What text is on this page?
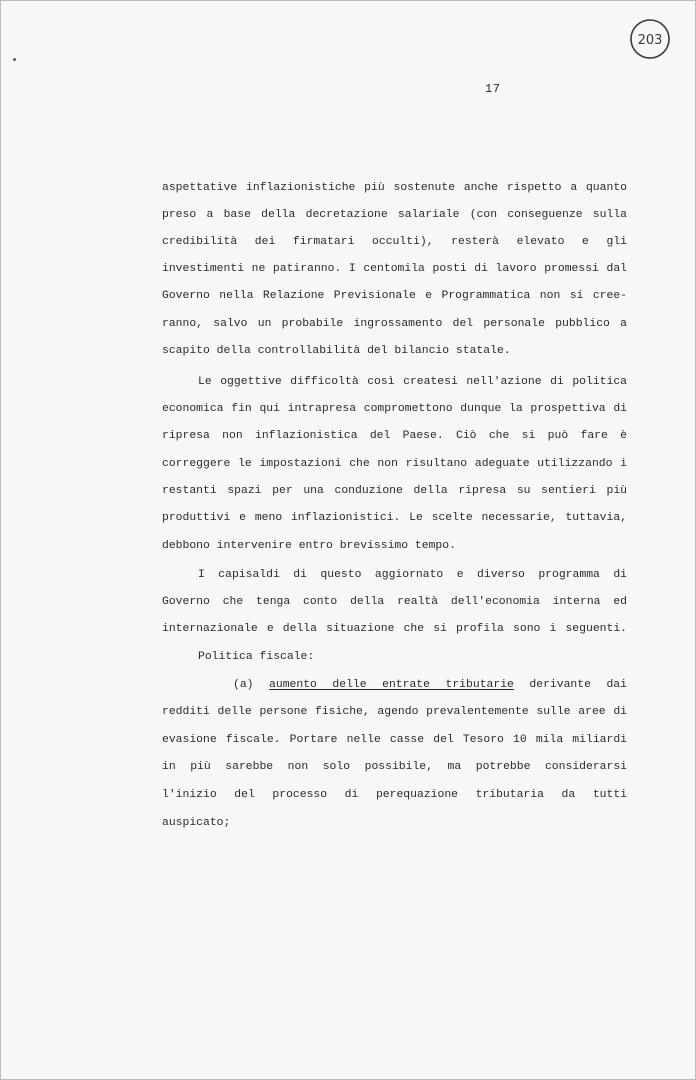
203
17
aspettative inflazionistiche più sostenute anche rispetto a quanto
preso a base della decretazione salariale (con conseguenze sulla
credibilità dei firmatari occulti), resterà elevato e gli
investimenti ne patiranno. I centomila posti di lavoro promessi dal
Governo nella Relazione Previsionale e Programmatica non si cree-
ranno, salvo un probabile ingrossamento del personale pubblico a
scapito della controllabilità del bilancio statale.
Le oggettive difficoltà così createsi nell'azione di politica
economica fin qui intrapresa compromettono dunque la prospettiva di
ripresa non inflazionistica del Paese. Ciò che si può fare è
correggere le impostazioni che non risultano adeguate utilizzando i
restanti spazi per una conduzione della ripresa su sentieri più
produttivi e meno inflazionistici. Le scelte necessarie, tuttavia,
debbono intervenire entro brevissimo tempo.
I capisaldi di questo aggiornato e diverso programma di
Governo che tenga conto della realtà dell'economia interna ed
internazionale e della situazione che si profila sono i seguenti.
Politica fiscale:
(a) aumento delle entrate tributarie derivante dai
redditi delle persone fisiche, agendo prevalentemente sulle aree di
evasione fiscale. Portare nelle casse del Tesoro 10 mila miliardi
in più sarebbe non solo possibile, ma potrebbe considerarsi
l'inizio del processo di perequazione tributaria da tutti
auspicato;
